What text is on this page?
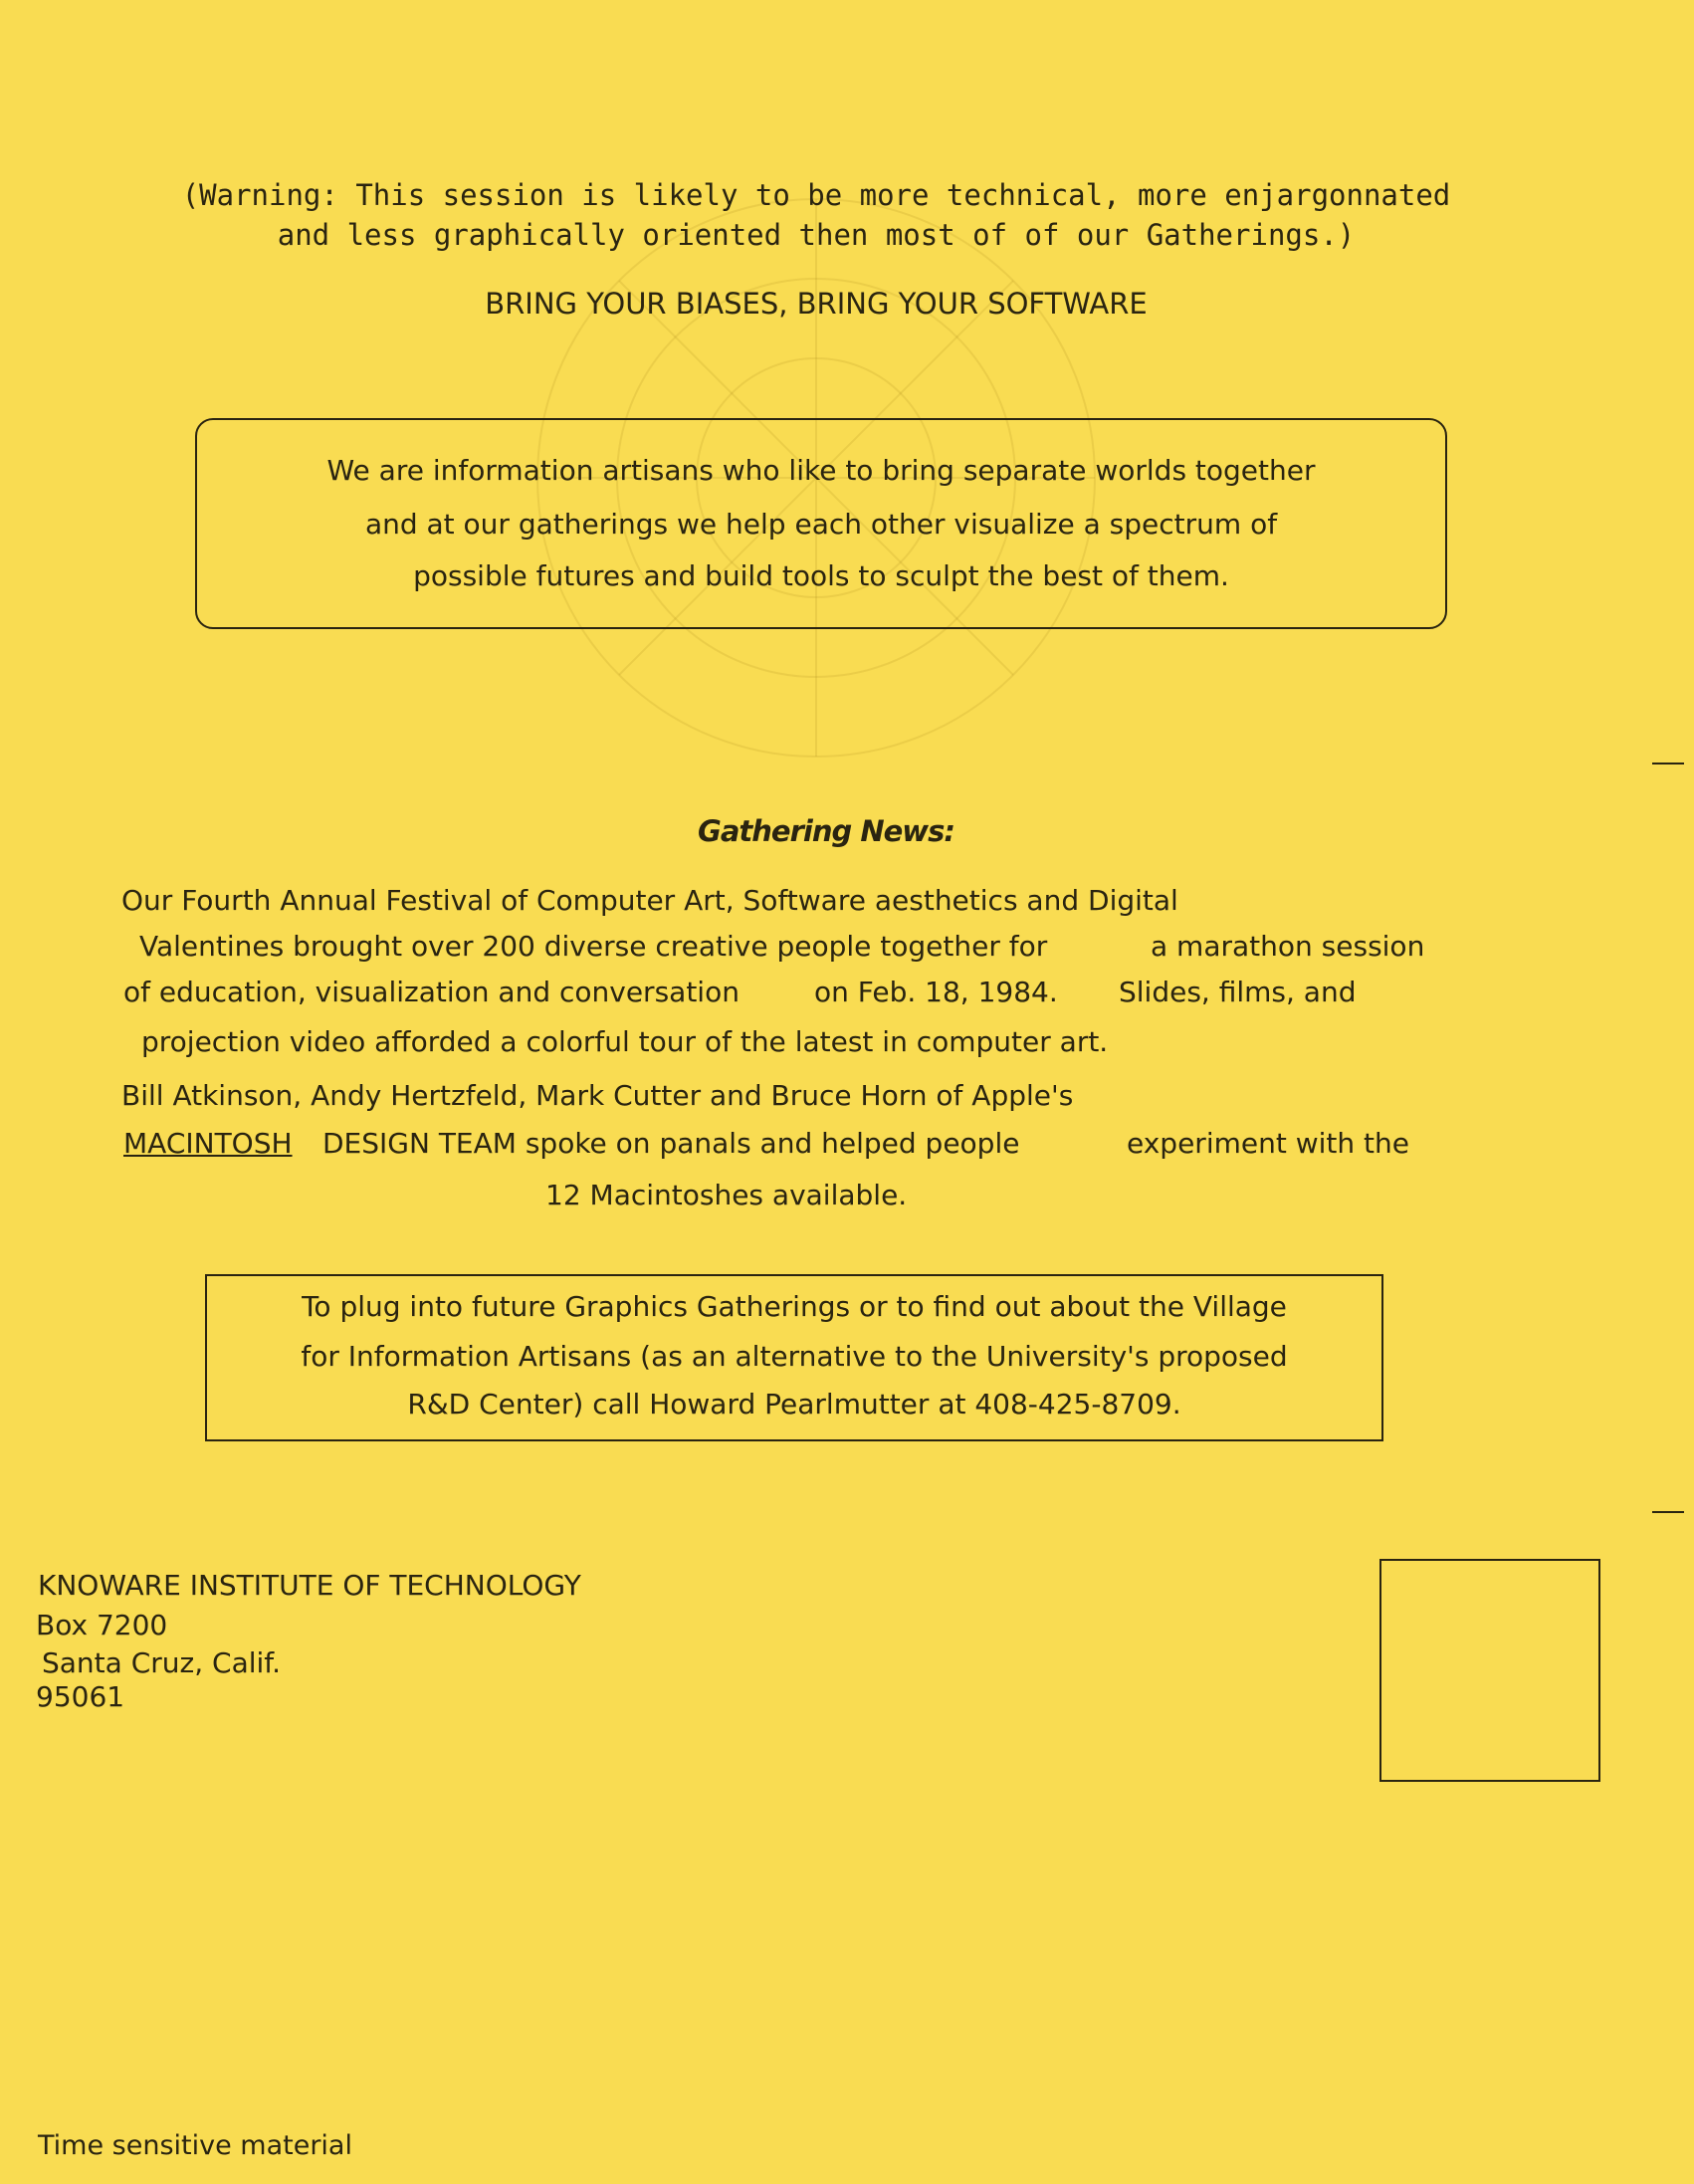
(Warning: This session is likely to be more technical, more enjargonnated
and less graphically oriented then most of of our Gatherings.)
BRING YOUR BIASES, BRING YOUR SOFTWARE
We are information artisans who like to bring separate worlds together
and at our gatherings we help each other visualize a spectrum of
possible futures and build tools to sculpt the best of them.
Gathering News:
Our Fourth Annual Festival of Computer Art, Software aesthetics and Digital
Valentines brought over 200 diverse creative people together for	a marathon session
of education, visualization and conversation	on Feb. 18, 1984. Slides, films, and
projection video afforded a colorful tour of the latest in computer art.
Bill Atkinson, Andy Hertzfeld, Mark Cutter and Bruce Horn of Apple's
MACINTOSH DESIGN TEAM spoke on panals and helped people	experiment with the
12 Macintoshes available.
To plug into future Graphics Gatherings or to find out about the Village
for Information Artisans (as an alternative to the University's proposed
R&D Center) call Howard Pearlmutter at 408-425-8709.
KNOWARE INSTITUTE OF TECHNOLOGY
Box 7200
Santa Cruz, Calif.
95061
Time sensitive material
